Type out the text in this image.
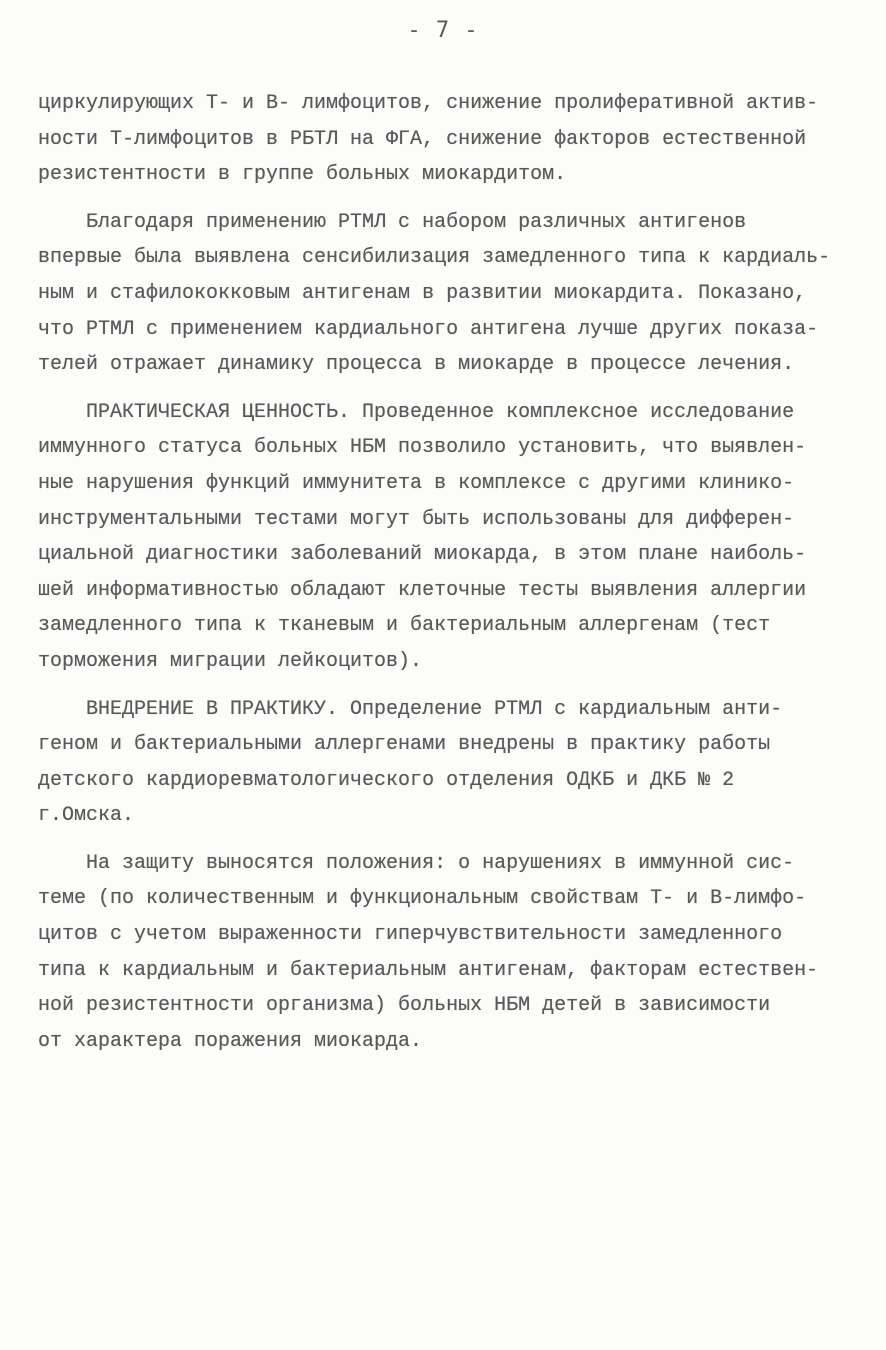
- 7 -
циркулирующих Т- и В- лимфоцитов, снижение пролиферативной актив-
ности Т-лимфоцитов в РБТЛ на ФГА, снижение факторов естественной
резистентности в группе больных миокардитом.
Благодаря применению РТМЛ с набором различных антигенов
впервые была выявлена сенсибилизация замедленного типа к кардиаль-
ным и стафилококковым антигенам в развитии миокардита. Показано,
что РТМЛ с применением кардиального антигена лучше других показа-
телей отражает динамику процесса в миокарде в процессе лечения.
ПРАКТИЧЕСКАЯ ЦЕННОСТЬ. Проведенное комплексное исследование
иммунного статуса больных НБМ позволило установить, что выявлен-
ные нарушения функций иммунитета в комплексе с другими клинико-
инструментальными тестами могут быть использованы для дифферен-
циальной диагностики заболеваний миокарда, в этом плане наиболь-
шей информативностью обладают клеточные тесты выявления аллергии
замедленного типа к тканевым и бактериальным аллергенам (тест
торможения миграции лейкоцитов).
ВНЕДРЕНИЕ В ПРАКТИКУ. Определение РТМЛ с кардиальным анти-
геном и бактериальными аллергенами внедрены в практику работы
детского кардиоревматологического отделения ОДКБ и ДКБ № 2
г.Омска.
На защиту выносятся положения: о нарушениях в иммунной сис-
теме (по количественным и функциональным свойствам Т- и В-лимфо-
цитов с учетом выраженности гиперчувствительности замедленного
типа к кардиальным и бактериальным антигенам, факторам естествен-
ной резистентности организма) больных НБМ детей в зависимости
от характера поражения миокарда.
